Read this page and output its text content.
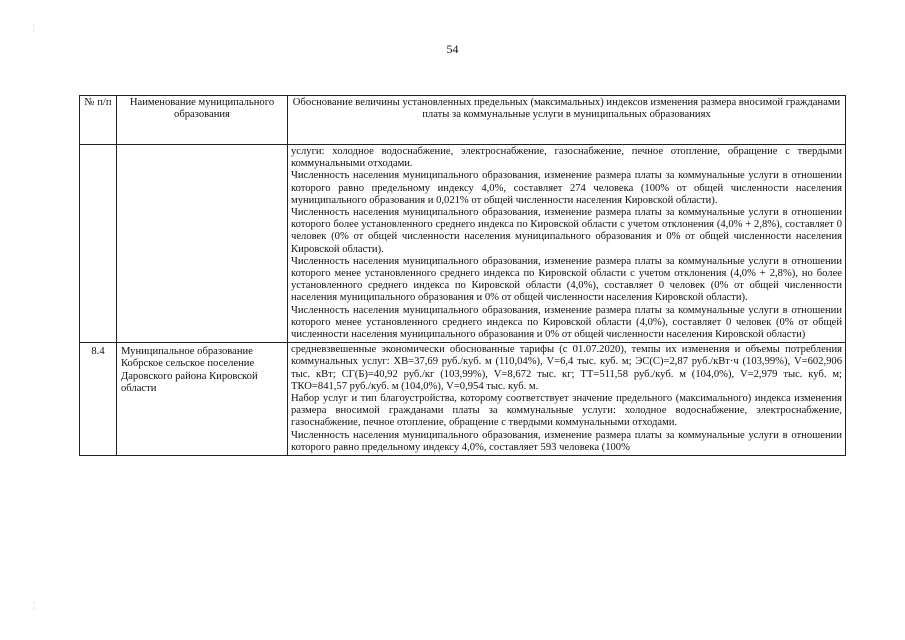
54
¦
¦
№ п/п	Наименование муниципального образования	Обоснование величины установленных предельных (максимальных) индексов изменения размера вносимой гражданами платы за коммунальные услуги в муниципальных образованиях

		услуги: холодное водоснабжение, электроснабжение, газоснабжение, печное отопление, обращение с твердыми коммунальными отходами.

Численность населения муниципального образования, изменение размера платы за коммунальные услуги в отношении которого равно предельному индексу 4,0%, составляет 274 человека (100% от общей численности населения муниципального образования и 0,021% от общей численности населения Кировской области).

Численность населения муниципального образования, изменение размера платы за коммунальные услуги в отношении которого более установленного среднего индекса по Кировской области с учетом отклонения (4,0% + 2,8%), составляет 0 человек (0% от общей численности населения муниципального образования и 0% от общей численности населения Кировской области).

Численность населения муниципального образования, изменение размера платы за коммунальные услуги в отношении которого менее установленного среднего индекса по Кировской области с учетом отклонения (4,0% + 2,8%), но более установленного среднего индекса по Кировской области (4,0%), составляет 0 человек (0% от общей численности населения муниципального образования и 0% от общей численности населения Кировской области).

Численность населения муниципального образования, изменение размера платы за коммунальные услуги в отношении которого менее установленного среднего индекса по Кировской области (4,0%), составляет 0 человек (0% от общей численности населения муниципального образования и 0% от общей численности населения Кировской области)

8.4	Муниципальное образование Кобрское сельское поселение Даровского района Кировской области	средневзвешенные экономически обоснованные тарифы (с 01.07.2020), темпы их изменения и объемы потребления коммунальных услуг: ХВ=37,69 руб./куб. м (110,04%), V=6,4 тыс. куб. м; ЭС(С)=2,87 руб./кВт·ч (103,99%), V=602,906 тыс. кВт; СГ(Б)=40,92 руб./кг (103,99%), V=8,672 тыс. кг; ТТ=511,58 руб./куб. м (104,0%), V=2,979 тыс. куб. м; ТКО=841,57 руб./куб. м (104,0%), V=0,954 тыс. куб. м.

Набор услуг и тип благоустройства, которому соответствует значение предельного (максимального) индекса изменения размера вносимой гражданами платы за коммунальные услуги: холодное водоснабжение, электроснабжение, газоснабжение, печное отопление, обращение с твердыми коммунальными отходами.

Численность населения муниципального образования, изменение размера платы за коммунальные услуги в отношении которого равно предельному индексу 4,0%, составляет 593 человека (100%
